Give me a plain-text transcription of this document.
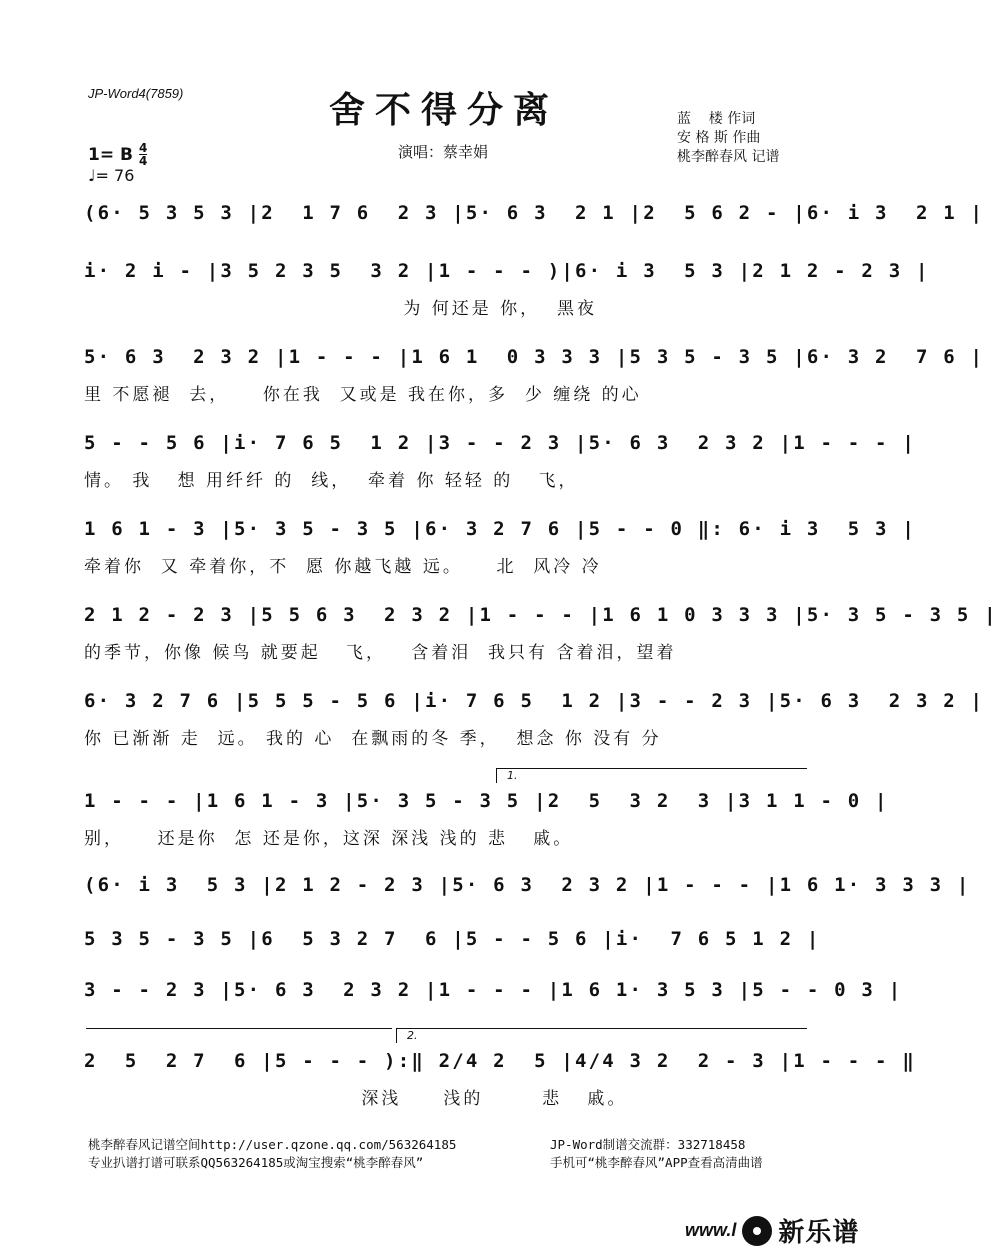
JP-Word4(7859)	舍不得分离	蓝    楼 作词
安 格 斯 作曲
桃李醉春风 记谱
演唱：蔡幸娟
1= B $\frac{4}{4}$
♩= 76
(6· 5 3 5 3 |2  1 7 6  2 3 |5· 6 3  2 1 |2  5 6 2 - |6· i 3  2 1 |
i· 2 i - |3 5 2 3 5  3 2 |1 - - - )|6· i 3  5 3 |2 1 2 - 2 3 |
为 何还是 你，  黑夜
5· 6 3  2 3 2 |1 - - - |1 6 1  0 3 3 3 |5 3 5 - 3 5 |6· 3 2  7 6 |
里 不愿褪  去，    你在我  又或是 我在你，多  少 缠绕 的心
5 - - 5 6 |i· 7 6 5  1 2 |3 - - 2 3 |5· 6 3  2 3 2 |1 - - - |
情。 我   想 用纤纤 的  线，  牵着 你 轻轻 的   飞，
1 6 1 - 3 |5· 3 5 - 3 5 |6· 3 2 7 6 |5 - - 0 ‖: 6· i 3  5 3 |
牵着你  又 牵着你，不  愿 你越飞越 远。    北  风冷 冷
2 1 2 - 2 3 |5 5 6 3  2 3 2 |1 - - - |1 6 1 0 3 3 3 |5· 3 5 - 3 5 |
的季节，你像 候鸟 就要起   飞，   含着泪  我只有 含着泪，望着
6· 3 2 7 6 |5 5 5 - 5 6 |i· 7 6 5  1 2 |3 - - 2 3 |5· 6 3  2 3 2 |
你 已渐渐 走  远。 我的 心  在飘雨的冬 季，  想念 你 没有 分
1.
1 - - - |1 6 1 - 3 |5· 3 5 - 3 5 |2  5  3 2  3 |3 1 1 - 0 |
别，    还是你  怎 还是你，这深 深浅 浅的 悲   戚。
(6· i 3  5 3 |2 1 2 - 2 3 |5· 6 3  2 3 2 |1 - - - |1 6 1· 3 3 3 |
5 3 5 - 3 5 |6  5 3 2 7  6 |5 - - 5 6 |i·  7 6 5 1 2 |
3 - - 2 3 |5· 6 3  2 3 2 |1 - - - |1 6 1· 3 5 3 |5 - - 0 3 |
2.
2  5  2 7  6 |5 - - - ):‖ 2/4 2  5 |4/4 3 2  2 - 3 |1 - - - ‖
深浅     浅的       悲   戚。
桃李醉春风记谱空间http://user.qzone.qq.com/563264185
专业扒谱打谱可联系QQ563264185或淘宝搜索“桃李醉春风”
JP-Word制谱交流群：332718458
手机可“桃李醉春风”APP查看高清曲谱
www.l 新乐谱
